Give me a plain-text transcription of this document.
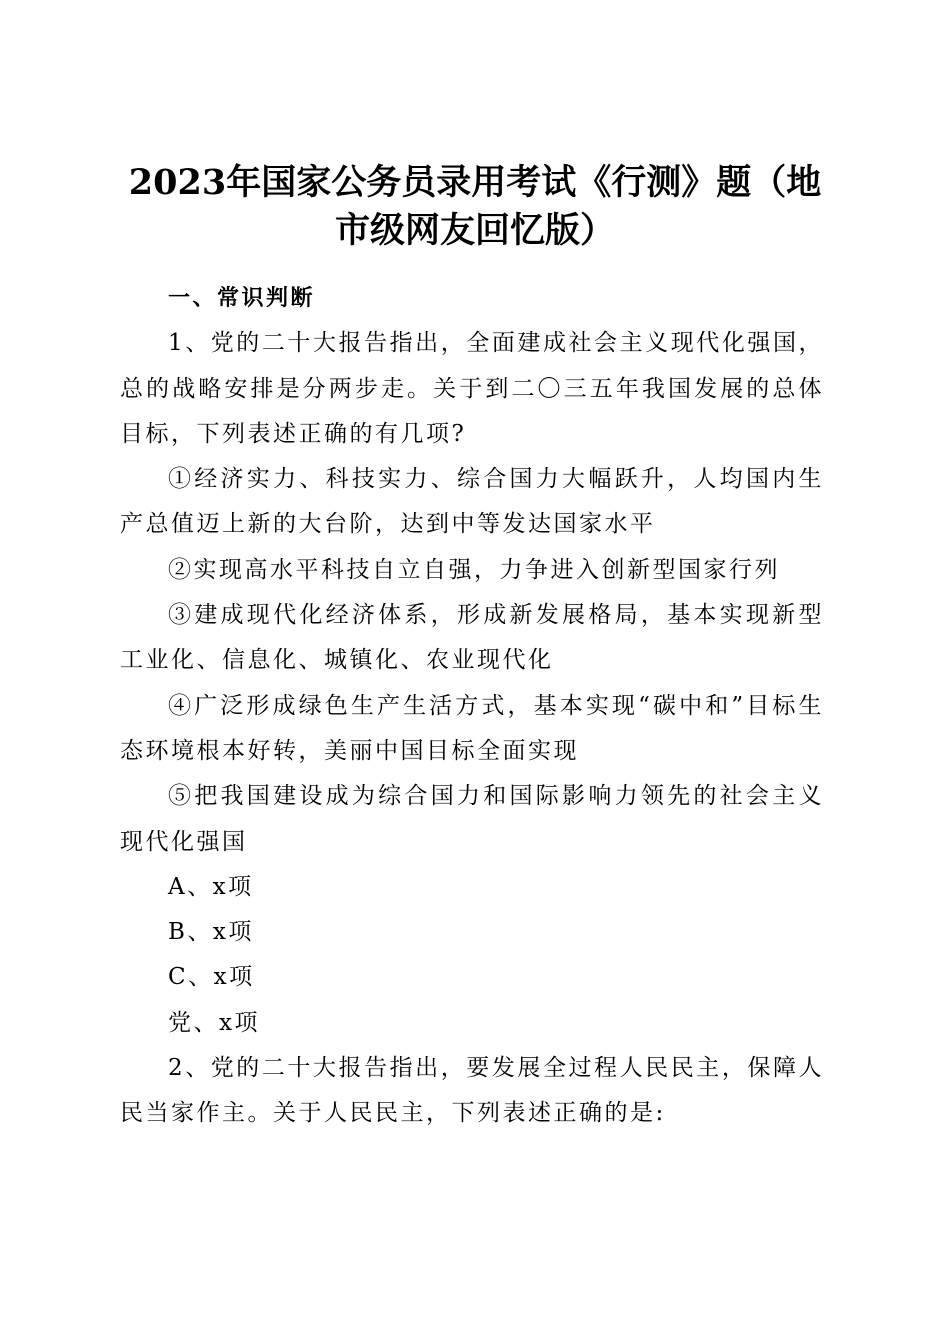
2023年国家公务员录用考试《行测》题（地
市级网友回忆版）

一、常识判断

1、党的二十大报告指出，全面建成社会主义现代化强国，总的战略安排是分两步走。关于到二〇三五年我国发展的总体目标，下列表述正确的有几项?

①经济实力、科技实力、综合国力大幅跃升，人均国内生产总值迈上新的大台阶，达到中等发达国家水平

②实现高水平科技自立自强，力争进入创新型国家行列

③建成现代化经济体系，形成新发展格局，基本实现新型工业化、信息化、城镇化、农业现代化

④广泛形成绿色生产生活方式，基本实现“碳中和”目标生态环境根本好转，美丽中国目标全面实现

⑤把我国建设成为综合国力和国际影响力领先的社会主义现代化强国

A、x项

B、x项

C、x项

党、x项

2、党的二十大报告指出，要发展全过程人民民主，保障人民当家作主。关于人民民主，下列表述正确的是:
